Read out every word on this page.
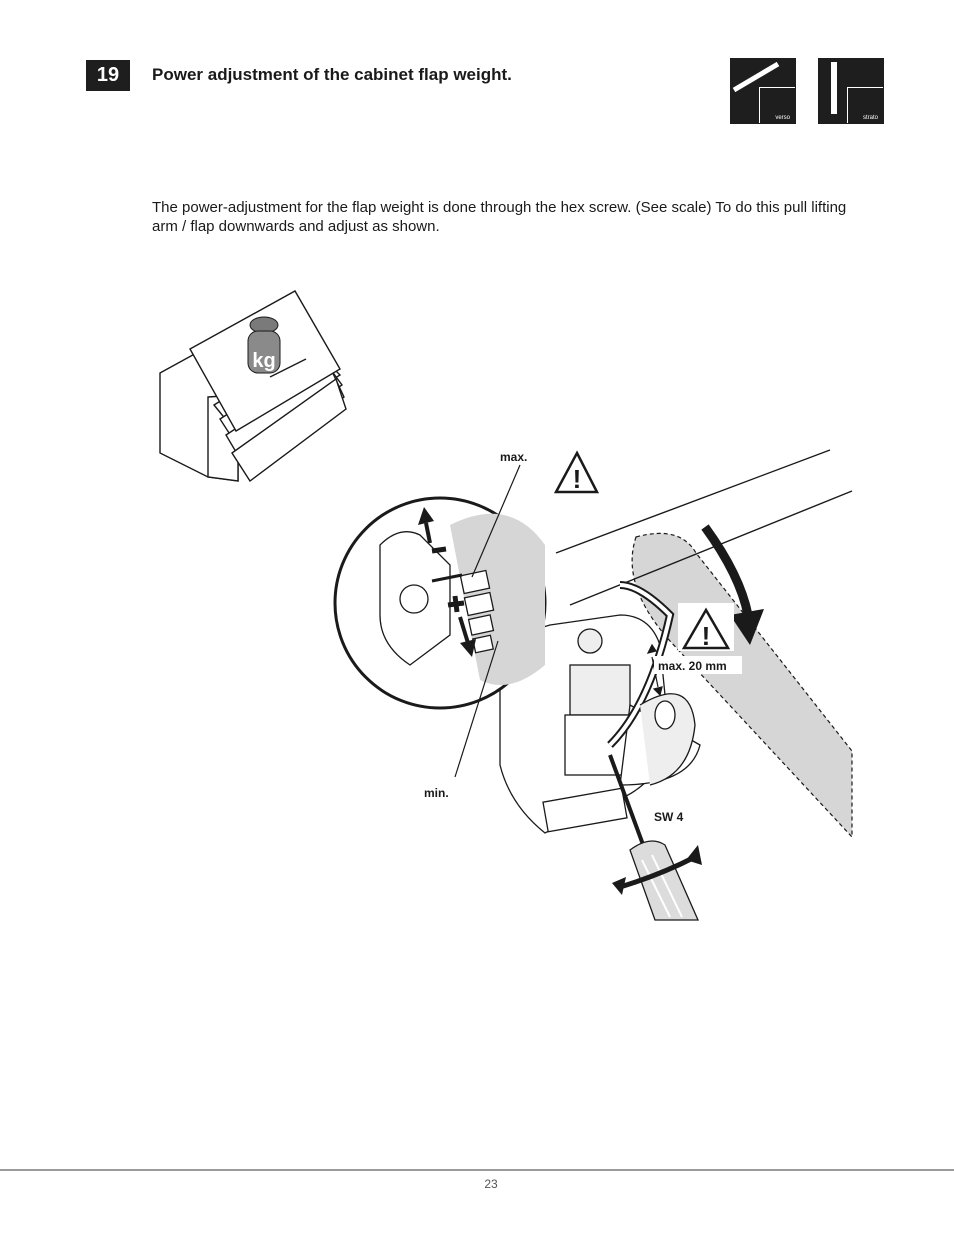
19	Power adjustment of the cabinet flap weight.
verso	strato

The power-adjustment for the flap weight is done through the hex screw. (See scale) To do this pull lifting arm / flap downwards and adjust as shown.

kg
!
!
max. 20 mm
SW 4
max.
min.
23
